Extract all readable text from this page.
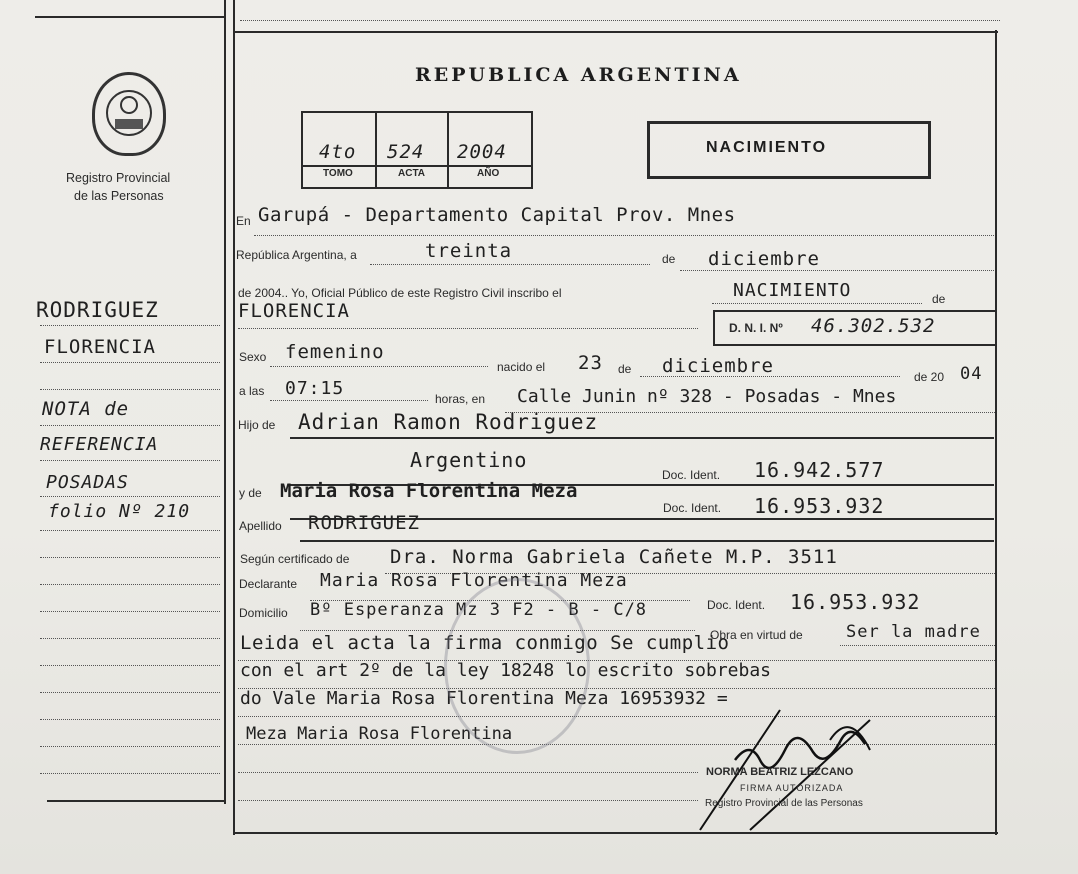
Registro Provincial
de las Personas
REPUBLICA ARGENTINA
4to
TOMO
524
ACTA
2004
AÑO
NACIMIENTO
RODRIGUEZ
FLORENCIA
NOTA de
REFERENCIA
POSADAS
folio Nº 210
En Garupá - Departamento Capital Prov. Mnes
República Argentina, a	treinta	de diciembre
de 2004.. Yo, Oficial Público de este Registro Civil inscribo el	NACIMIENTO	de
FLORENCIA
D. N. I. Nº 46.302.532
Sexo femenino
nacido el 23 de diciembre	de 20 04
a las 07:15	horas, en Calle Junin nº 328 - Posadas - Mnes
Hijo de Adrian Ramon Rodriguez
Argentino
Doc. Ident. 16.942.577
y de Maria Rosa Florentina Meza
Doc. Ident. 16.953.932
Apellido RODRIGUEZ
Según certificado de Dra. Norma Gabriela Cañete M.P. 3511
Declarante Maria Rosa Florentina Meza
Doc. Ident. 16.953.932
Domicilio Bº Esperanza Mz 3 F2 - B - C/8
Obra en virtud de	Ser la madre
Leida el acta la firma conmigo Se cumplio
con el art 2º de la ley 18248 lo escrito sobrebas
do Vale Maria Rosa Florentina Meza 16953932 =
Meza Maria Rosa Florentina
NORMA BEATRIZ LEZCANO
FIRMA AUTORIZADA
Registro Provincial de las Personas
